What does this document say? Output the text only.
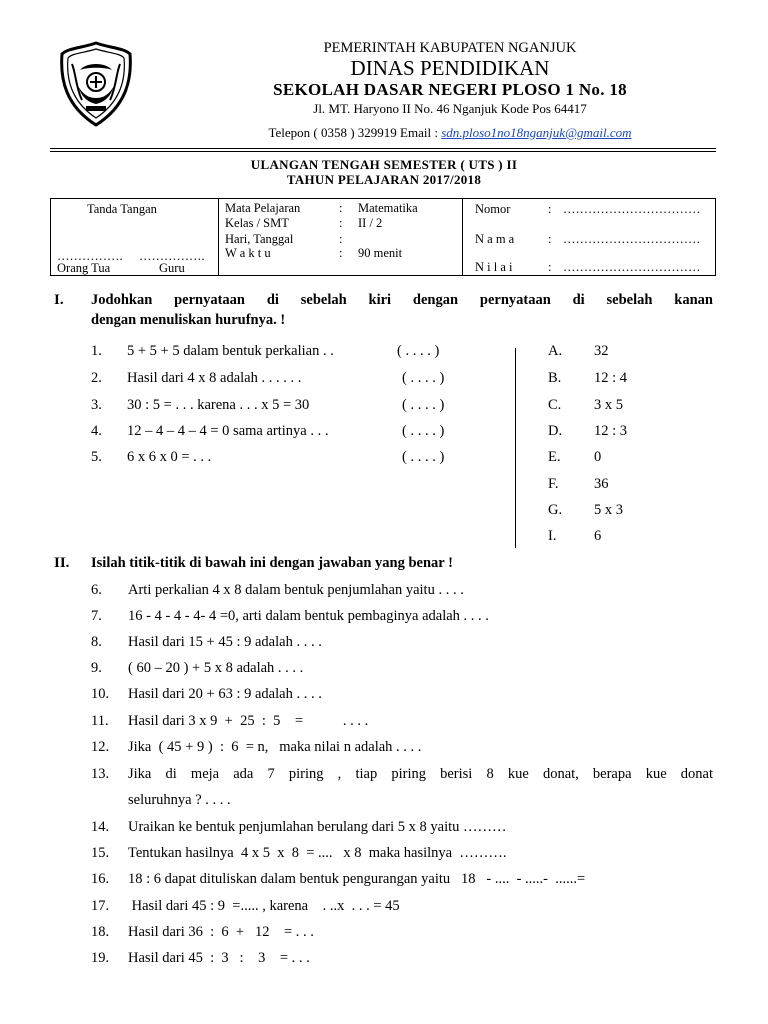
PEMERINTAH KABUPATEN NGANJUK
DINAS PENDIDIKAN
SEKOLAH DASAR NEGERI PLOSO 1 No. 18
Jl. MT. Haryono II No. 46 Nganjuk Kode Pos 64417
Telepon ( 0358 ) 329919 Email : sdn.ploso1no18nganjuk@gmail.com
ULANGAN TENGAH SEMESTER ( UTS ) II
TAHUN PELAJARAN 2017/2018
Tanda Tangan
……………. …………….
Orang Tua	Guru
Mata Pelajaran	: Matematika
Kelas / SMT	: II / 2
Hari, Tanggal	:
W a k t u	: 90 menit
Nomor	: ……………………………
N a m a	: ……………………………
N i l a i	: ……………………………
I. Jodohkan pernyataan di sebelah kiri dengan pernyataan di sebelah kanan
dengan menuliskan hurufnya. !
1.	5 + 5 + 5 dalam bentuk perkalian . .	( . . . . )
2.	Hasil dari 4 x 8 adalah . . . . . .	( . . . . )
3.	30 : 5 = . . . karena . . . x 5 = 30	( . . . . )
4.	12 – 4 – 4 – 4 = 0 sama artinya . . .	( . . . . )
5.	6 x 6 x 0 = . . .	( . . . . )
A. 32
B. 12 : 4
C. 3 x 5
D. 12 : 3
E. 0
F. 36
G. 5 x 3
I.	6
II. Isilah titik-titik di bawah ini dengan jawaban yang benar !
6. Arti perkalian 4 x 8 dalam bentuk penjumlahan yaitu . . . .
7. 16 - 4 - 4 - 4- 4 =0, arti dalam bentuk pembaginya adalah . . . .
8. Hasil dari 15 + 45 : 9 adalah . . . .
9. ( 60 – 20 ) + 5 x 8 adalah . . . .
10. Hasil dari 20 + 63 : 9 adalah . . . .
11. Hasil dari 3 x 9  +  25  :  5    =           . . . .
12. Jika  ( 45 + 9 )  :  6  = n,   maka nilai n adalah . . . .
13. Jika di meja ada 7 piring , tiap piring berisi 8 kue donat, berapa kue donat
seluruhnya ? . . . .
14. Uraikan ke bentuk penjumlahan berulang dari 5 x 8 yaitu ………
15. Tentukan hasilnya  4 x 5  x  8  = ....   x 8  maka hasilnya  ……….
16. 18 : 6 dapat dituliskan dalam bentuk pengurangan yaitu   18   - ....  - .....-  ......=
17. Hasil dari 45 : 9  =..... , karena    . ..x  . . . = 45
18. Hasil dari 36  :  6  +   12    = . . .
19. Hasil dari 45  :  3   :    3    = . . .
